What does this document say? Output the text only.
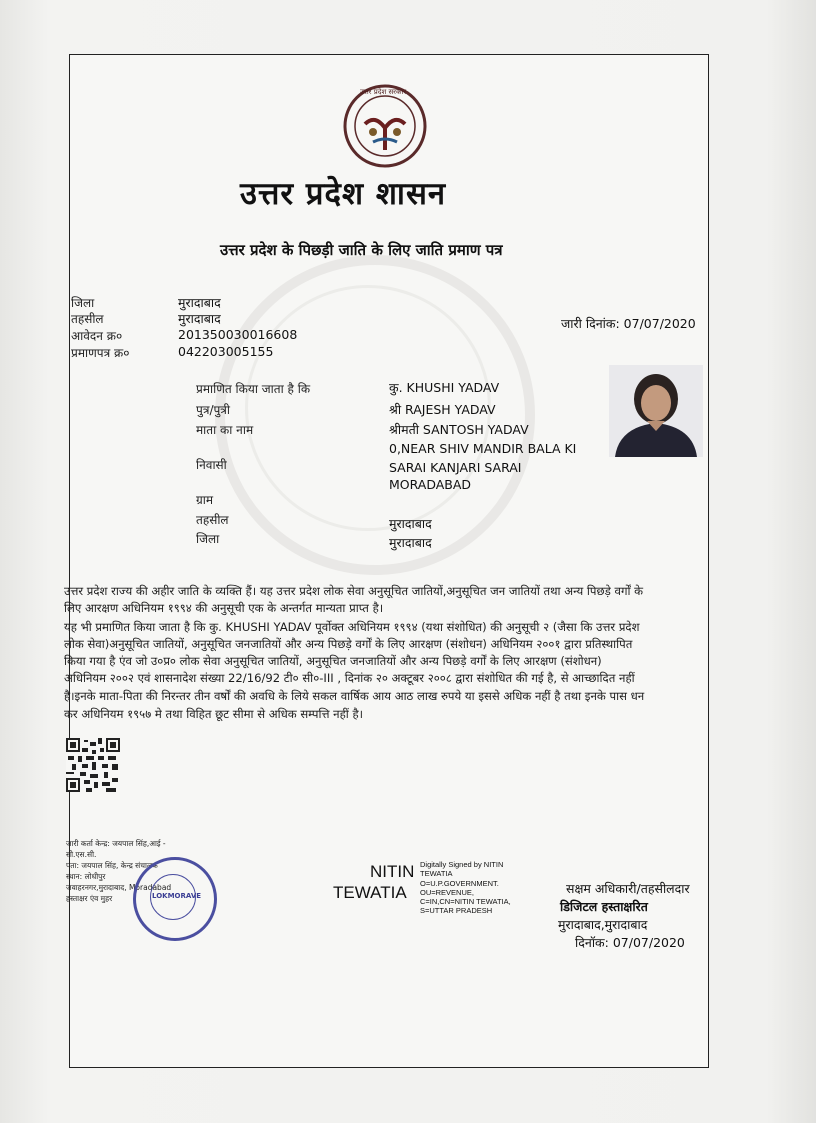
उत्तर प्रदेश सरकार
उत्तर प्रदेश शासन
उत्तर प्रदेश के पिछड़ी जाति के लिए जाति प्रमाण पत्र
जिला	मुरादाबाद
तहसील	मुरादाबाद
आवेदन क्र०	201350030016608
प्रमाणपत्र क्र०	042203005155
जारी दिनांक: 07/07/2020
प्रमाणित किया जाता है कि	कु. KHUSHI YADAV
पुत्र/पुत्री	श्री RAJESH YADAV
माता का नाम	श्रीमती SANTOSH YADAV
0,NEAR SHIV MANDIR BALA KI
निवासी	SARAI KANJARI SARAI
MORADABAD
ग्राम
तहसील	मुरादाबाद
जिला	मुरादाबाद
उत्तर प्रदेश राज्य की अहीर जाति के व्यक्ति हैं। यह उत्तर प्रदेश लोक सेवा अनुसूचित जातियों,अनुसूचित जन जातियों तथा अन्य पिछड़े वर्गों के
लिए आरक्षण अधिनियम १९९४ की अनुसूची एक के अन्तर्गत मान्यता प्राप्त है।
यह भी प्रमाणित किया जाता है कि कु. KHUSHI YADAV पूर्वोक्त अधिनियम १९९४ (यथा संशोधित) की अनुसूची २ (जैसा कि उत्तर प्रदेश
लोक सेवा)अनुसूचित जातियों, अनुसूचित जनजातियों और अन्य पिछड़े वर्गों के लिए आरक्षण (संशोधन) अधिनियम २००१ द्वारा प्रतिस्थापित
किया गया है एंव जो उ०प्र० लोक सेवा अनुसूचित जातियों, अनुसूचित जनजातियों और अन्य पिछड़े वर्गों के लिए आरक्षण (संशोधन)
अधिनियम २००२ एवं शासनादेश संख्या 22/16/92 टी० सी०-III , दिनांक २० अक्टूबर २००८ द्वारा संशोधित की गई है, से आच्छादित नहीं
है।इनके माता-पिता की निरन्तर तीन वर्षों की अवधि के लिये सकल वार्षिक आय आठ लाख रुपये या इससे अधिक नहीं है तथा इनके पास धन
कर अधिनियम १९५७ मे तथा विहित छूट सीमा से अधिक सम्पत्ति नहीं है।
जारी कर्ता केन्द्र: जयपाल सिंह,आई -
सी.एस.सी.
पता: जयपाल सिंह, केन्द्र संचालक
स्थान: लोधीपुर
जवाहरनगर,मुरादाबाद, Moradabad
हस्ताक्षर एंव मुहर	LOKMORAVE
NITIN
TEWATIA
Digitally Signed by NITIN
TEWATIA
O=U.P.GOVERNMENT.
OU=REVENUE,
C=IN,CN=NITIN TEWATIA,
S=UTTAR PRADESH
सक्षम अधिकारी/तहसीलदार
डिजिटल हस्ताक्षरित
मुरादाबाद,मुरादाबाद
दिनॉक: 07/07/2020
